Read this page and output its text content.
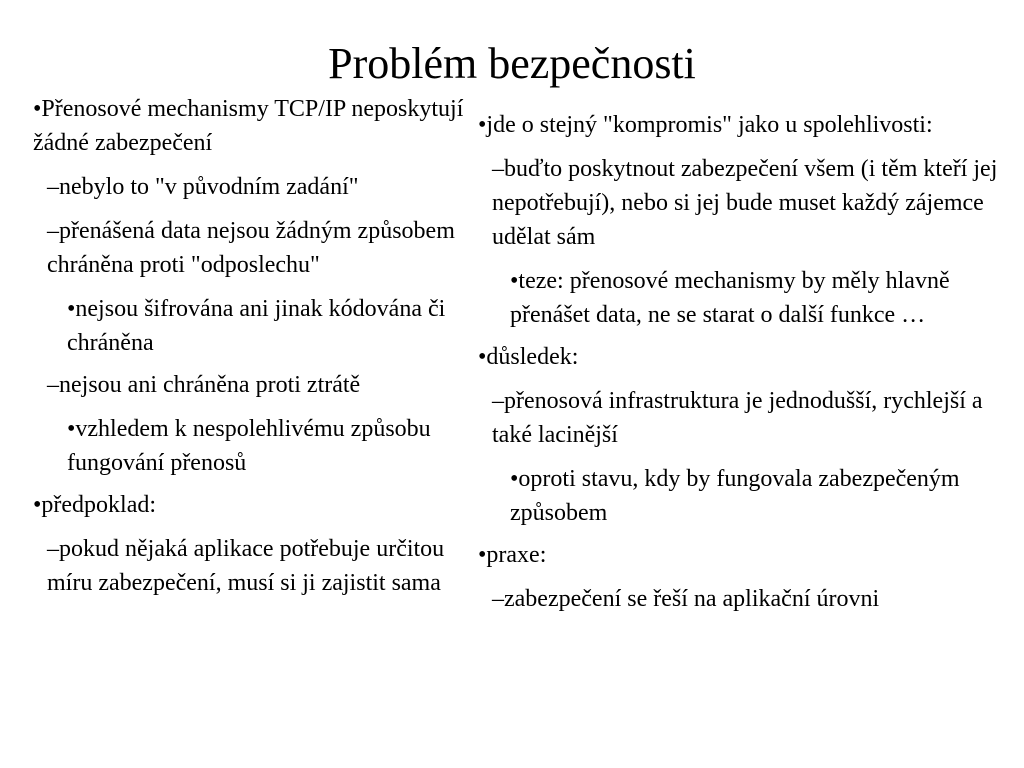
Problém bezpečnosti

•Přenosové mechanismy TCP/IP neposkytují žádné zabezpečení

–nebylo to "v původním zadání"

–přenášená data nejsou žádným způsobem chráněna proti "odposlechu"

•nejsou šifrována ani jinak kódována či chráněna

–nejsou ani chráněna proti ztrátě

•vzhledem k nespolehlivému způsobu fungování přenosů

•předpoklad:

–pokud nějaká aplikace potřebuje určitou míru zabezpečení, musí si ji zajistit sama

•jde o stejný "kompromis" jako u spolehlivosti:

–buďto poskytnout zabezpečení všem (i těm kteří jej nepotřebují), nebo si jej bude muset každý zájemce udělat sám

•teze: přenosové mechanismy by měly hlavně přenášet data, ne se starat o další funkce …

•důsledek:

–přenosová infrastruktura je jednodušší, rychlejší a také lacinější

•oproti stavu, kdy by fungovala zabezpečeným způsobem

•praxe:

–zabezpečení se řeší na aplikační úrovni
